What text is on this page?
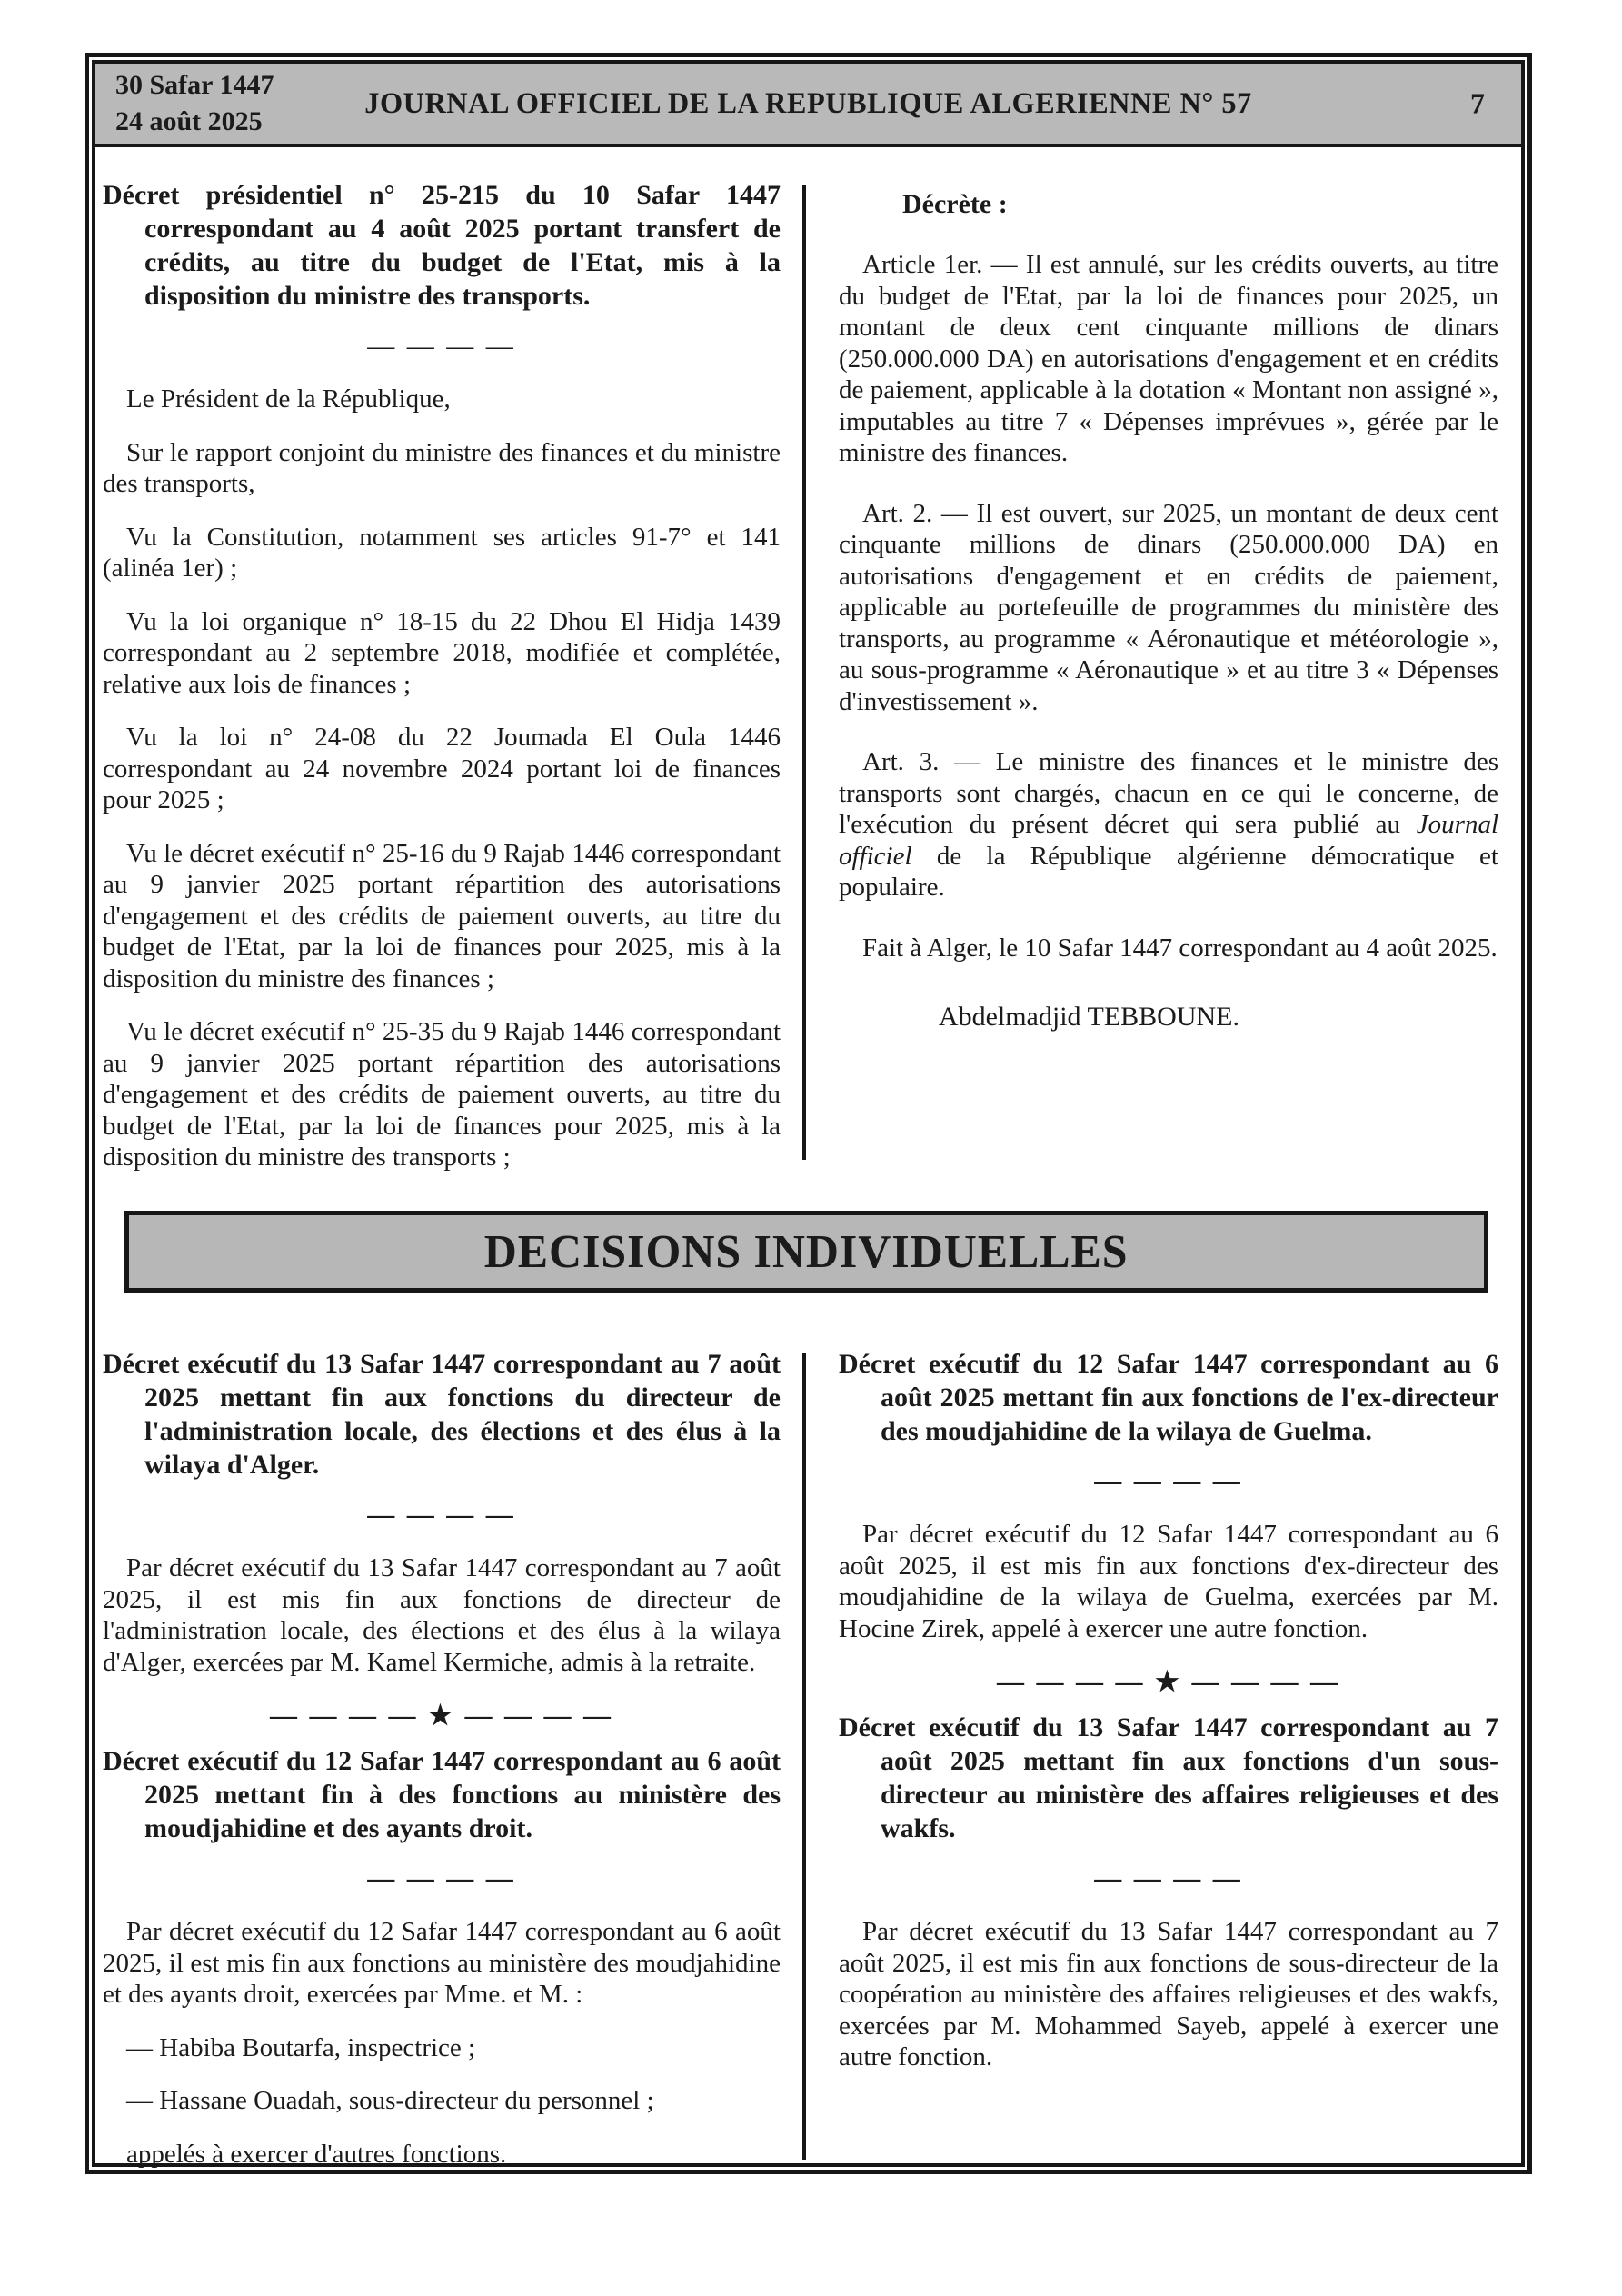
30 Safar 1447
24 août 2025
JOURNAL OFFICIEL DE LA REPUBLIQUE ALGERIENNE N° 57	7

Décret présidentiel n° 25-215 du 10 Safar 1447 correspondant au 4 août 2025 portant transfert de crédits, au titre du budget de l'Etat, mis à la disposition du ministre des transports.

— — — —

Le Président de la République,

Sur le rapport conjoint du ministre des finances et du ministre des transports,

Vu la Constitution, notamment ses articles 91-7° et 141 (alinéa 1er) ;

Vu la loi organique n° 18-15 du 22 Dhou El Hidja 1439 correspondant au 2 septembre 2018, modifiée et complétée, relative aux lois de finances ;

Vu la loi n° 24-08 du 22 Joumada El Oula 1446 correspondant au 24 novembre 2024 portant loi de finances pour 2025 ;

Vu le décret exécutif n° 25-16 du 9 Rajab 1446 correspondant au 9 janvier 2025 portant répartition des autorisations d'engagement et des crédits de paiement ouverts, au titre du budget de l'Etat, par la loi de finances pour 2025, mis à la disposition du ministre des finances ;

Vu le décret exécutif n° 25-35 du 9 Rajab 1446 correspondant au 9 janvier 2025 portant répartition des autorisations d'engagement et des crédits de paiement ouverts, au titre du budget de l'Etat, par la loi de finances pour 2025, mis à la disposition du ministre des transports ;

Décrète :

Article 1er. — Il est annulé, sur les crédits ouverts, au titre du budget de l'Etat, par la loi de finances pour 2025, un montant de deux cent cinquante millions de dinars (250.000.000 DA) en autorisations d'engagement et en crédits de paiement, applicable à la dotation « Montant non assigné », imputables au titre 7 « Dépenses imprévues », gérée par le ministre des finances.

Art. 2. — Il est ouvert, sur 2025, un montant de deux cent cinquante millions de dinars (250.000.000 DA) en autorisations d'engagement et en crédits de paiement, applicable au portefeuille de programmes du ministère des transports, au programme « Aéronautique et météorologie », au sous-programme « Aéronautique » et au titre 3 « Dépenses d'investissement ».

Art. 3. — Le ministre des finances et le ministre des transports sont chargés, chacun en ce qui le concerne, de l'exécution du présent décret qui sera publié au Journal officiel de la République algérienne démocratique et populaire.

Fait à Alger, le 10 Safar 1447 correspondant au 4 août 2025.

Abdelmadjid TEBBOUNE.
DECISIONS INDIVIDUELLES

Décret exécutif du 13 Safar 1447 correspondant au 7 août 2025 mettant fin aux fonctions du directeur de l'administration locale, des élections et des élus à la wilaya d'Alger.

— — — —

Par décret exécutif du 13 Safar 1447 correspondant au 7 août 2025, il est mis fin aux fonctions de directeur de l'administration locale, des élections et des élus à la wilaya d'Alger, exercées par M. Kamel Kermiche, admis à la retraite.

— — — — ★ — — — —

Décret exécutif du 12 Safar 1447 correspondant au 6 août 2025 mettant fin à des fonctions au ministère des moudjahidine et des ayants droit.

— — — —

Par décret exécutif du 12 Safar 1447 correspondant au 6 août 2025, il est mis fin aux fonctions au ministère des moudjahidine et des ayants droit, exercées par Mme. et M. :

— Habiba Boutarfa, inspectrice ;

— Hassane Ouadah, sous-directeur du personnel ;

appelés à exercer d'autres fonctions.

Décret exécutif du 12 Safar 1447 correspondant au 6 août 2025 mettant fin aux fonctions de l'ex-directeur des moudjahidine de la wilaya de Guelma.

— — — —

Par décret exécutif du 12 Safar 1447 correspondant au 6 août 2025, il est mis fin aux fonctions d'ex-directeur des moudjahidine de la wilaya de Guelma, exercées par M. Hocine Zirek, appelé à exercer une autre fonction.

— — — — ★ — — — —

Décret exécutif du 13 Safar 1447 correspondant au 7 août 2025 mettant fin aux fonctions d'un sous-directeur au ministère des affaires religieuses et des wakfs.

— — — —

Par décret exécutif du 13 Safar 1447 correspondant au 7 août 2025, il est mis fin aux fonctions de sous-directeur de la coopération au ministère des affaires religieuses et des wakfs, exercées par M. Mohammed Sayeb, appelé à exercer une autre fonction.
